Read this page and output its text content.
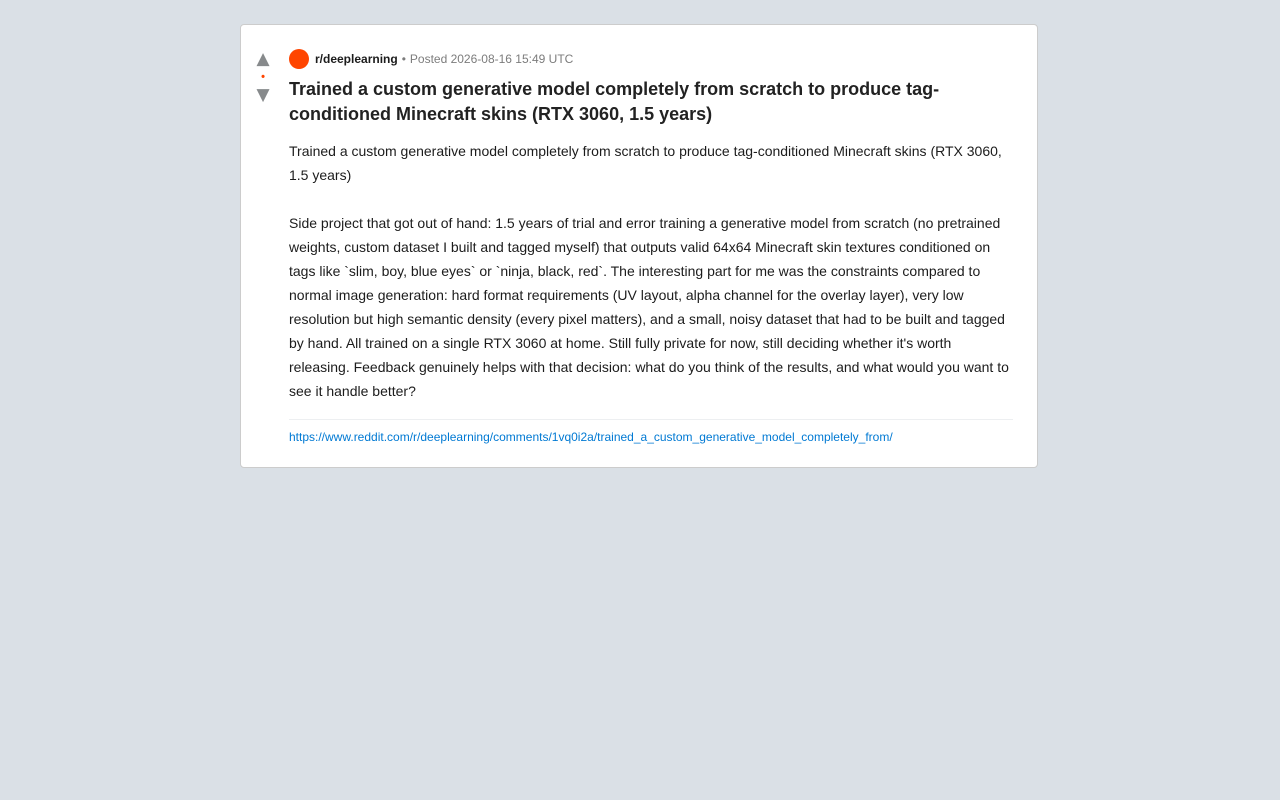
▲
•
▼
r/deeplearning • Posted 2026-08-16 15:49 UTC
Trained a custom generative model completely from scratch to produce tag-conditioned Minecraft skins (RTX 3060, 1.5 years)

Trained a custom generative model completely from scratch to produce tag-conditioned Minecraft skins (RTX 3060, 1.5 years)

Side project that got out of hand: 1.5 years of trial and error training a generative model from scratch (no pretrained weights, custom dataset I built and tagged myself) that outputs valid 64x64 Minecraft skin textures conditioned on tags like `slim, boy, blue eyes` or `ninja, black, red`. The interesting part for me was the constraints compared to normal image generation: hard format requirements (UV layout, alpha channel for the overlay layer), very low resolution but high semantic density (every pixel matters), and a small, noisy dataset that had to be built and tagged by hand. All trained on a single RTX 3060 at home. Still fully private for now, still deciding whether it's worth releasing. Feedback genuinely helps with that decision: what do you think of the results, and what would you want to see it handle better?

https://www.reddit.com/r/deeplearning/comments/1vq0i2a/trained_a_custom_generative_model_completely_from/
